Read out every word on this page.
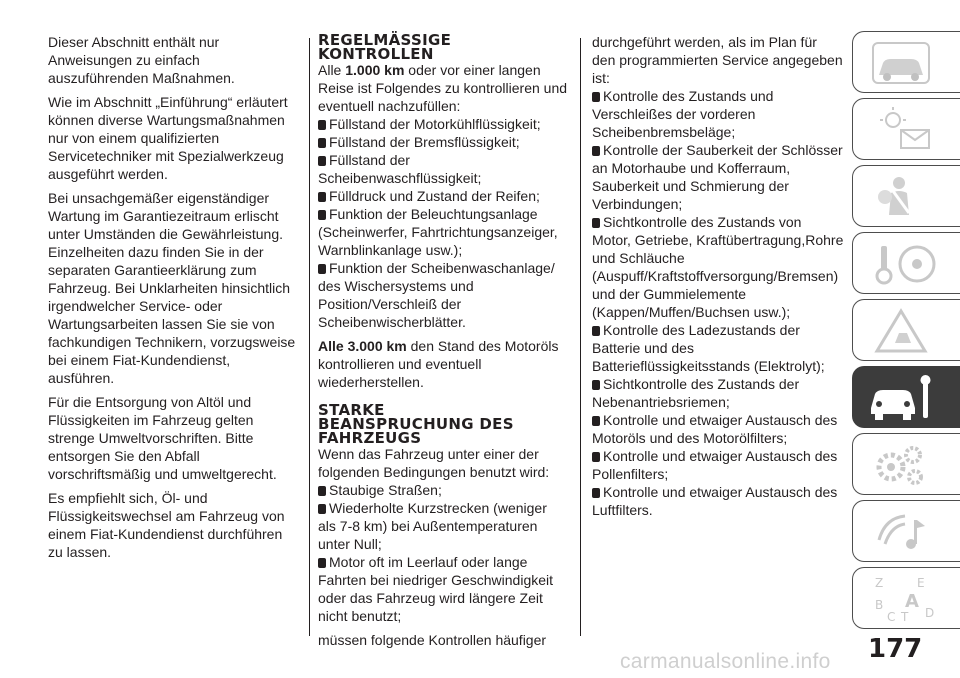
Dieser Abschnitt enthält nur Anweisungen zu einfach auszuführenden Maßnahmen.

Wie im Abschnitt „Einführung“ erläutert können diverse Wartungsmaßnahmen nur von einem qualifizierten Servicetechniker mit Spezialwerkzeug ausgeführt werden.

Bei unsachgemäßer eigenständiger Wartung im Garantiezeitraum erlischt unter Umständen die Gewährleistung. Einzelheiten dazu finden Sie in der separaten Garantieerklärung zum Fahrzeug. Bei Unklarheiten hinsichtlich irgendwelcher Service- oder Wartungsarbeiten lassen Sie sie von fachkundigen Technikern, vorzugsweise bei einem Fiat-Kundendienst, ausführen.

Für die Entsorgung von Altöl und Flüssigkeiten im Fahrzeug gelten strenge Umweltvorschriften. Bitte entsorgen Sie den Abfall vorschriftsmäßig und umweltgerecht.

Es empfiehlt sich, Öl- und Flüssigkeitswechsel am Fahrzeug von einem Fiat-Kundendienst durchführen zu lassen.

REGELMÄSSIGE
KONTROLLEN

Alle 1.000 km oder vor einer langen Reise ist Folgendes zu kontrollieren und eventuell nachzufüllen:

Füllstand der Motorkühlflüssigkeit;

Füllstand der Bremsflüssigkeit;

Füllstand der Scheibenwaschflüssigkeit;

Fülldruck und Zustand der Reifen;

Funktion der Beleuchtungsanlage (Scheinwerfer, Fahrtrichtungsanzeiger, Warnblinkanlage usw.);

Funktion der Scheibenwaschanlage/ des Wischersystems und Position/Verschleiß der Scheibenwischerblätter.

Alle 3.000 km den Stand des Motoröls kontrollieren und eventuell wiederherstellen.

STARKE
BEANSPRUCHUNG DES
FAHRZEUGS

Wenn das Fahrzeug unter einer der folgenden Bedingungen benutzt wird:

Staubige Straßen;

Wiederholte Kurzstrecken (weniger als 7-8 km) bei Außentemperaturen unter Null;

Motor oft im Leerlauf oder lange Fahrten bei niedriger Geschwindigkeit oder das Fahrzeug wird längere Zeit nicht benutzt;

müssen folgende Kontrollen häufiger

durchgeführt werden, als im Plan für den programmierten Service angegeben ist:

Kontrolle des Zustands und Verschleißes der vorderen Scheibenbremsbeläge;

Kontrolle der Sauberkeit der Schlösser an Motorhaube und Kofferraum, Sauberkeit und Schmierung der Verbindungen;

Sichtkontrolle des Zustands von Motor, Getriebe, Kraftübertragung,Rohre und Schläuche (Auspuff/Kraftstoffversorgung/Bremsen) und der Gummielemente (Kappen/Muffen/Buchsen usw.);

Kontrolle des Ladezustands der Batterie und des Batterieflüssigkeitsstands (Elektrolyt);

Sichtkontrolle des Zustands der Nebenantriebsriemen;

Kontrolle und etwaiger Austausch des Motoröls und des Motorölfilters;

Kontrolle und etwaiger Austausch des Pollenfilters;

Kontrolle und etwaiger Austausch des Luftfilters.

Z	E
B A
C T D
177
carmanualsonline.info
